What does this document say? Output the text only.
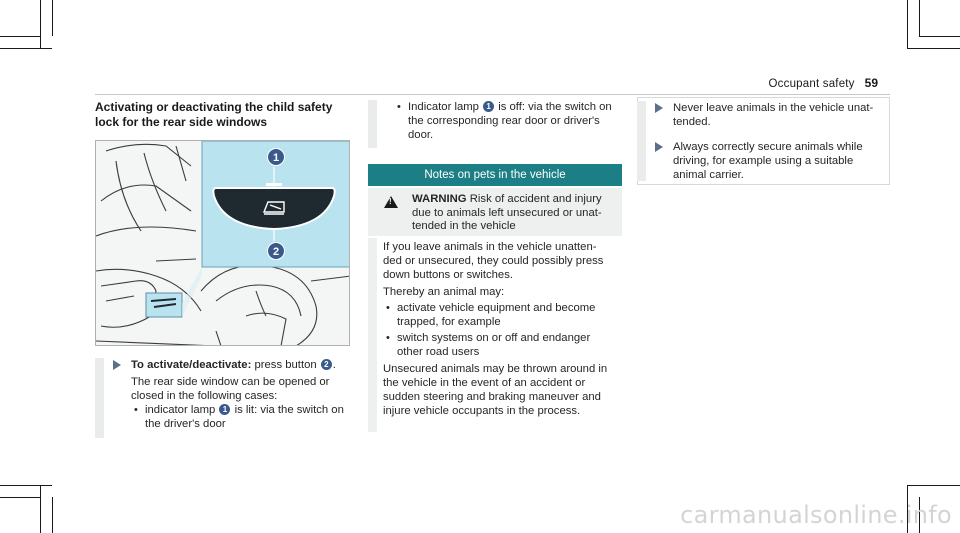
Occupant safety 59
Activating or deactivating the child safety
lock for the rear side windows
1
2
To activate/deactivate: press button 2 .
The rear side window can be opened or
closed in the following cases:
• indicator lamp 1 is lit: via the switch on
the driver's door
• Indicator lamp 1 is off: via the switch on
the corresponding rear door or driver's
door.
Notes on pets in the vehicle
!
WARNING Risk of accident and injury
due to animals left unsecured or unat-
tended in the vehicle
If you leave animals in the vehicle unatten-
ded or unsecured, they could possibly press
down buttons or switches.
Thereby an animal may:
• activate vehicle equipment and become
trapped, for example
• switch systems on or off and endanger
other road users
Unsecured animals may be thrown around in
the vehicle in the event of an accident or
sudden steering and braking maneuver and
injure vehicle occupants in the process.
Never leave animals in the vehicle unat-
tended.
Always correctly secure animals while
driving, for example using a suitable
animal carrier.
carmanualsonline.info
